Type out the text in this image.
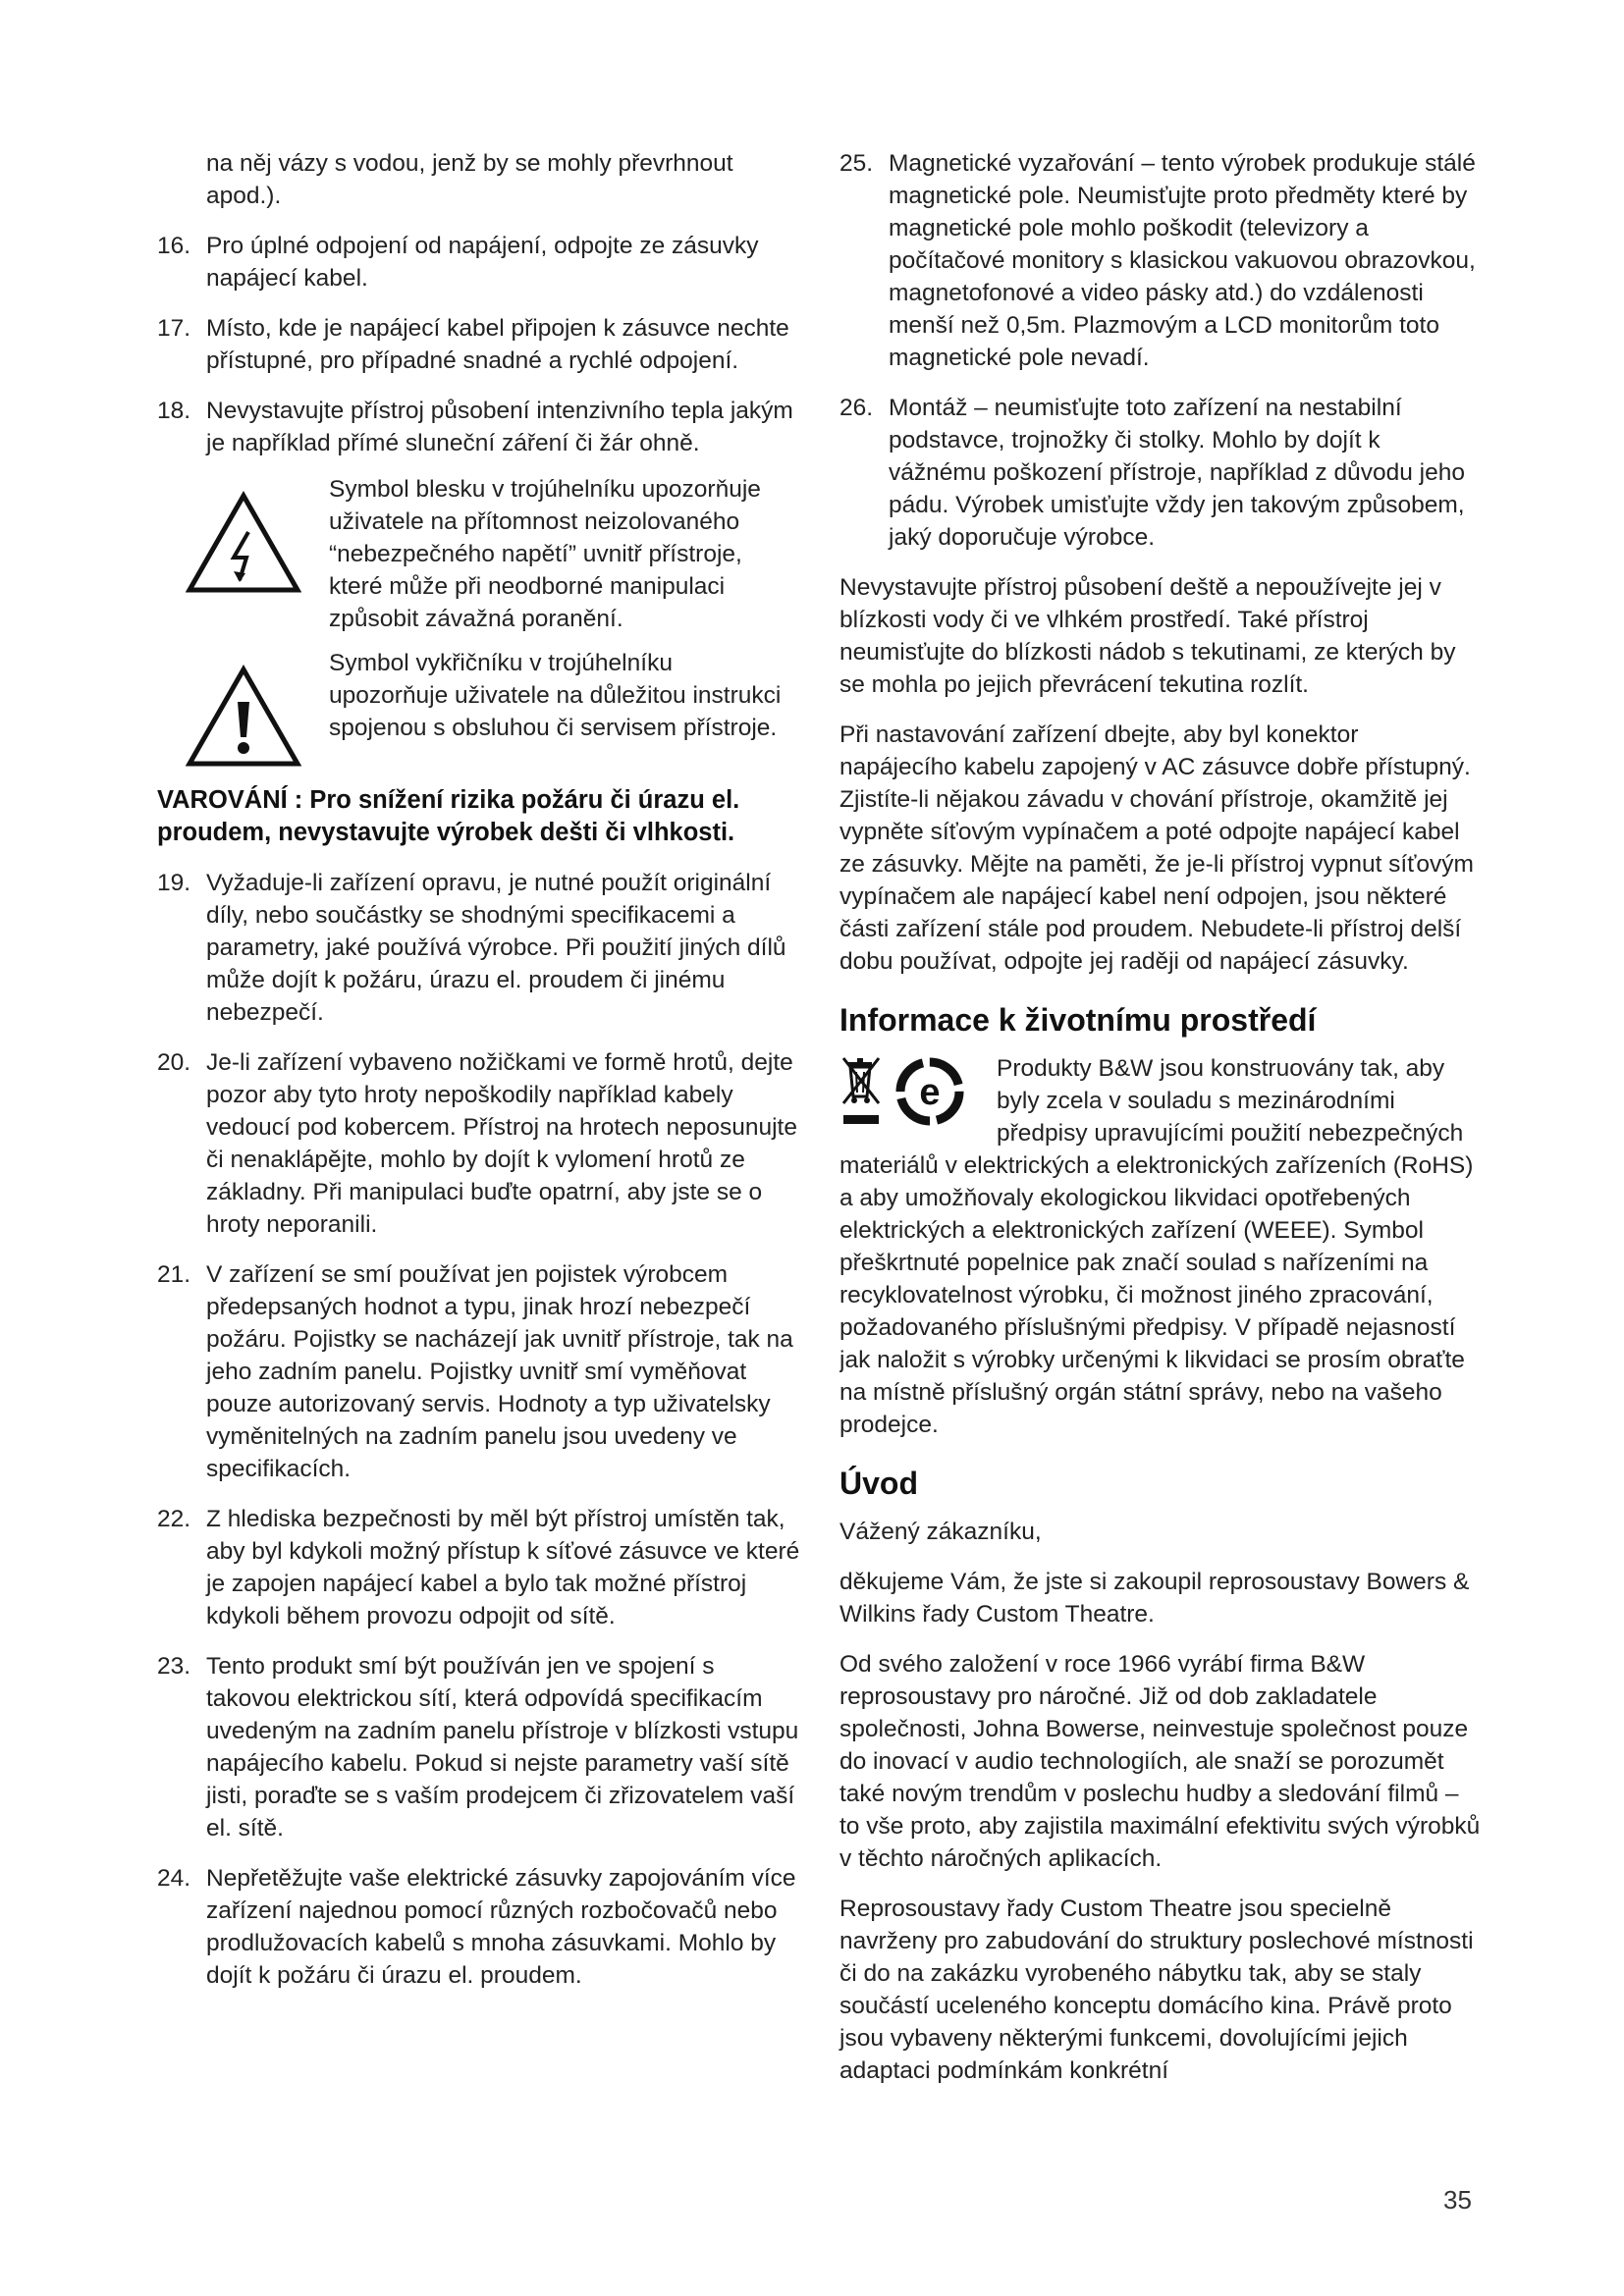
na něj vázy s vodou, jenž by se mohly převrhnout apod.).
16. Pro úplné odpojení od napájení, odpojte ze zásuvky napájecí kabel.
17. Místo, kde je napájecí kabel připojen k zásuvce nechte přístupné, pro případné snadné a rychlé odpojení.
18. Nevystavujte přístroj působení intenzivního tepla jakým je například přímé sluneční záření či žár ohně.
Symbol blesku v trojúhelníku upozorňuje uživatele na přítomnost neizolovaného “nebezpečného napětí” uvnitř přístroje, které může při neodborné manipulaci způsobit závažná poranění.
Symbol vykřičníku v trojúhelníku upozorňuje uživatele na důležitou instrukci spojenou s obsluhou či servisem přístroje.
VAROVÁNÍ : Pro snížení rizika požáru či úrazu el. proudem, nevystavujte výrobek dešti či vlhkosti.
19. Vyžaduje-li zařízení opravu, je nutné použít originální díly, nebo součástky se shodnými specifikacemi a parametry, jaké používá výrobce. Při použití jiných dílů může dojít k požáru, úrazu el. proudem či jinému nebezpečí.
20. Je-li zařízení vybaveno nožičkami ve formě hrotů, dejte pozor aby tyto hroty nepoškodily například kabely vedoucí pod kobercem. Přístroj na hrotech neposunujte či nenaklápějte, mohlo by dojít k vylomení hrotů ze základny. Při manipulaci buďte opatrní, aby jste se o hroty neporanili.
21. V zařízení se smí používat jen pojistek výrobcem předepsaných hodnot a typu, jinak hrozí nebezpečí požáru. Pojistky se nacházejí jak uvnitř přístroje, tak na jeho zadním panelu. Pojistky uvnitř smí vyměňovat pouze autorizovaný servis. Hodnoty a typ uživatelsky vyměnitelných na zadním panelu jsou uvedeny ve specifikacích.
22. Z hlediska bezpečnosti by měl být přístroj umístěn tak, aby byl kdykoli možný přístup k síťové zásuvce ve které je zapojen napájecí kabel a bylo tak možné přístroj kdykoli během provozu odpojit od sítě.
23. Tento produkt smí být používán jen ve spojení s takovou elektrickou sítí, která odpovídá specifikacím uvedeným na zadním panelu přístroje v blízkosti vstupu napájecího kabelu. Pokud si nejste parametry vaší sítě jisti, poraďte se s vaším prodejcem či zřizovatelem vaší el. sítě.
24. Nepřetěžujte vaše elektrické zásuvky zapojováním více zařízení najednou pomocí různých rozbočovačů nebo prodlužovacích kabelů s mnoha zásuvkami. Mohlo by dojít k požáru či úrazu el. proudem.
25. Magnetické vyzařování – tento výrobek produkuje stálé magnetické pole. Neumisťujte proto předměty které by magnetické pole mohlo poškodit (televizory a počítačové monitory s klasickou vakuovou obrazovkou, magnetofonové a video pásky atd.) do vzdálenosti menší než 0,5m. Plazmovým a LCD monitorům toto magnetické pole nevadí.
26. Montáž – neumisťujte toto zařízení na nestabilní podstavce, trojnožky či stolky. Mohlo by dojít k vážnému poškození přístroje, například z důvodu jeho pádu. Výrobek umisťujte vždy jen takovým způsobem, jaký doporučuje výrobce.

Nevystavujte přístroj působení deště a nepoužívejte jej v blízkosti vody či ve vlhkém prostředí. Také přístroj neumisťujte do blízkosti nádob s tekutinami, ze kterých by se mohla po jejich převrácení tekutina rozlít.

Při nastavování zařízení dbejte, aby byl konektor napájecího kabelu zapojený v AC zásuvce dobře přístupný. Zjistíte-li nějakou závadu v chování přístroje, okamžitě jej vypněte síťovým vypínačem a poté odpojte napájecí kabel ze zásuvky. Mějte na paměti, že je-li přístroj vypnut síťovým vypínačem ale napájecí kabel není odpojen, jsou některé části zařízení stále pod proudem. Nebudete-li přístroj delší dobu používat, odpojte jej raději od napájecí zásuvky.

Informace k životnímu prostředí
e
Produkty B&W jsou konstruovány tak, aby byly zcela v souladu s mezinárodními předpisy upravujícími použití nebezpečných materiálů v elektrických a elektronických zařízeních (RoHS) a aby umožňovaly ekologickou likvidaci opotřebených elektrických a elektronických zařízení (WEEE). Symbol přeškrtnuté popelnice pak značí soulad s nařízeními na recyklovatelnost výrobku, či možnost jiného zpracování, požadovaného příslušnými předpisy. V případě nejasností jak naložit s výrobky určenými k likvidaci se prosím obraťte na místně příslušný orgán státní správy, nebo na vašeho prodejce.
Úvod

Vážený zákazníku,

děkujeme Vám, že jste si zakoupil reprosoustavy Bowers & Wilkins řady Custom Theatre.

Od svého založení v roce 1966 vyrábí firma B&W reprosoustavy pro náročné. Již od dob zakladatele společnosti, Johna Bowerse, neinvestuje společnost pouze do inovací v audio technologiích, ale snaží se porozumět také novým trendům v poslechu hudby a sledování filmů – to vše proto, aby zajistila maximální efektivitu svých výrobků v těchto náročných aplikacích.

Reprosoustavy řady Custom Theatre jsou specielně navrženy pro zabudování do struktury poslechové místnosti či do na zakázku vyrobeného nábytku tak, aby se staly součástí uceleného konceptu domácího kina. Právě proto jsou vybaveny některými funkcemi, dovolujícími jejich adaptaci podmínkám konkrétní

35
